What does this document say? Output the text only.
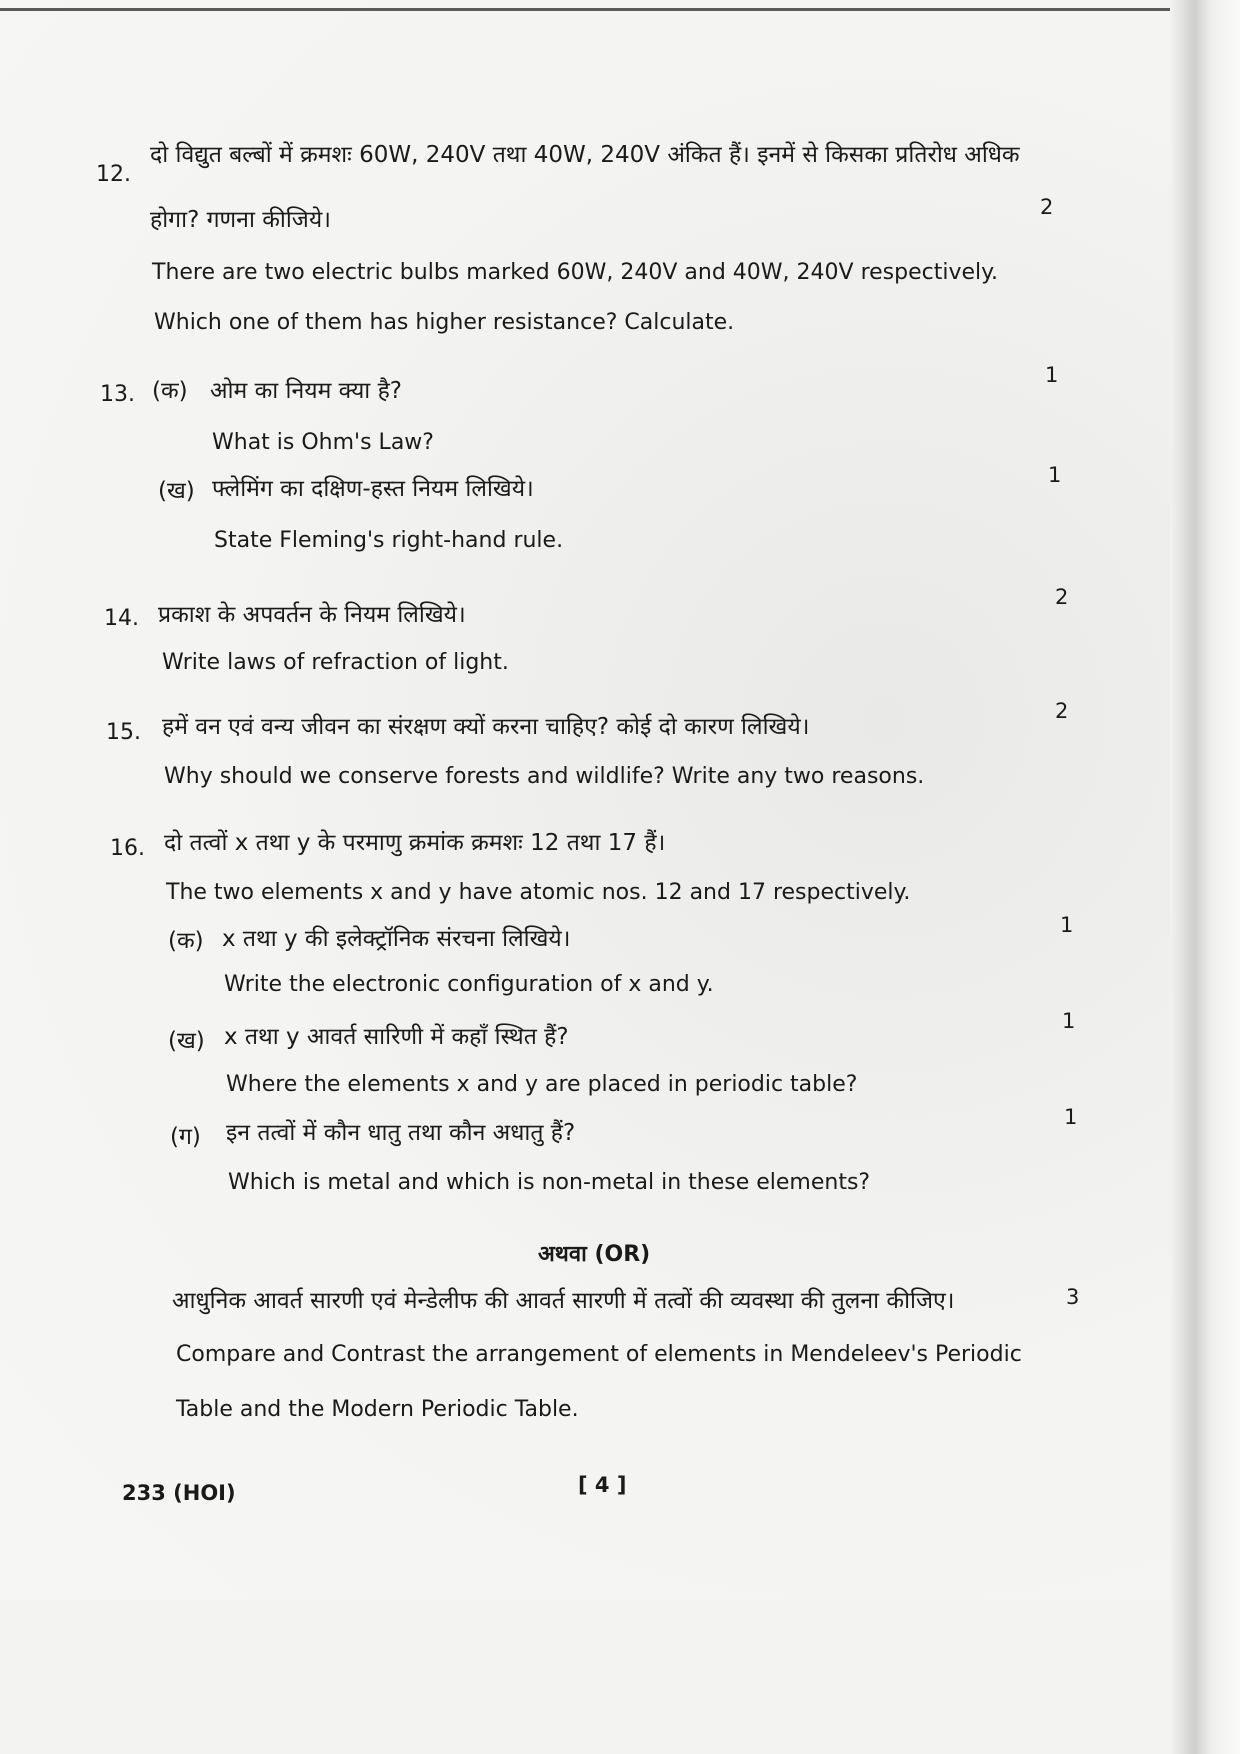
12.
दो विद्युत बल्बों में क्रमशः 60W, 240V तथा 40W, 240V अंकित हैं। इनमें से किसका प्रतिरोध अधिक
होगा? गणना कीजिये।	2
There are two electric bulbs marked 60W, 240V and 40W, 240V respectively.
Which one of them has higher resistance? Calculate.
13. (क) ओम का नियम क्या है?
1
What is Ohm's Law?
(ख) फ्लेमिंग का दक्षिण-हस्त नियम लिखिये।
1
State Fleming's right-hand rule.
14. प्रकाश के अपवर्तन के नियम लिखिये।
2
Write laws of refraction of light.
15. हमें वन एवं वन्य जीवन का संरक्षण क्यों करना चाहिए? कोई दो कारण लिखिये।
2
Why should we conserve forests and wildlife? Write any two reasons.
16. दो तत्वों x तथा y के परमाणु क्रमांक क्रमशः 12 तथा 17 हैं।
The two elements x and y have atomic nos. 12 and 17 respectively.
(क) x तथा y की इलेक्ट्रॉनिक संरचना लिखिये।
1
Write the electronic configuration of x and y.
(ख) x तथा y आवर्त सारिणी में कहाँ स्थित हैं?
1
Where the elements x and y are placed in periodic table?
(ग) इन तत्वों में कौन धातु तथा कौन अधातु हैं?
1
Which is metal and which is non-metal in these elements?
अथवा (OR)
आधुनिक आवर्त सारणी एवं मेन्डेलीफ की आवर्त सारणी में तत्वों की व्यवस्था की तुलना कीजिए।	3
Compare and Contrast the arrangement of elements in Mendeleev's Periodic
Table and the Modern Periodic Table.
233 (HOI)	[ 4 ]
